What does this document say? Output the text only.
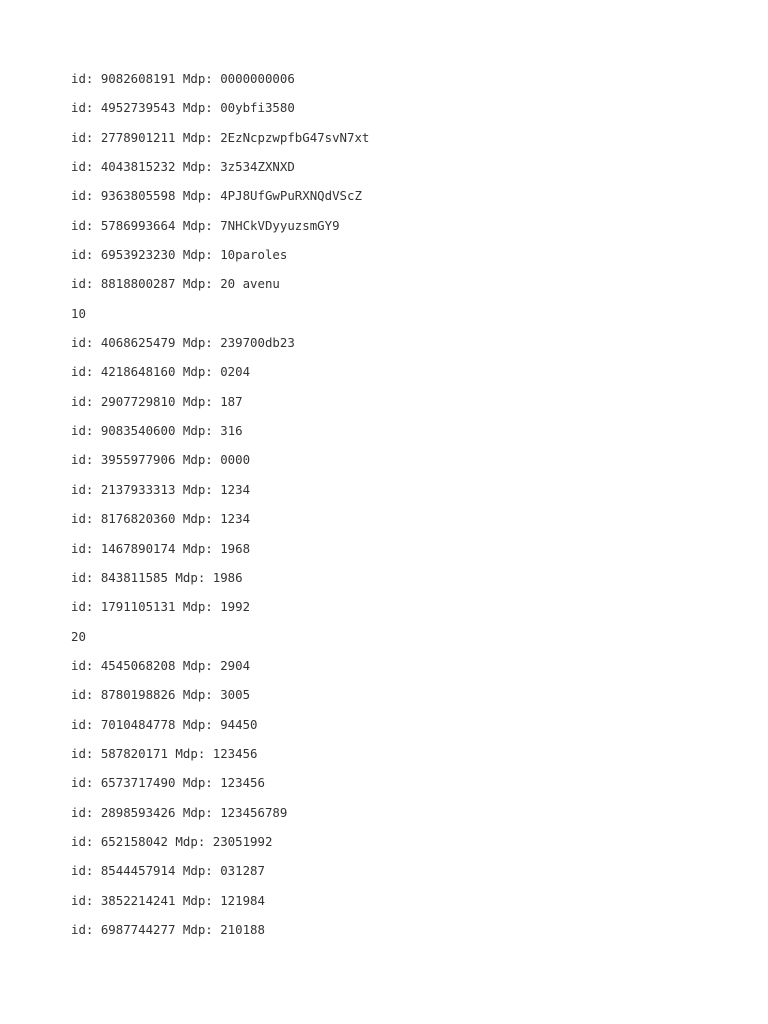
id: 9082608191 Mdp: 0000000006
id: 4952739543 Mdp: 00ybfi3580
id: 2778901211 Mdp: 2EzNcpzwpfbG47svN7xt
id: 4043815232 Mdp: 3z534ZXNXD
id: 9363805598 Mdp: 4PJ8UfGwPuRXNQdVScZ
id: 5786993664 Mdp: 7NHCkVDyyuzsmGY9
id: 6953923230 Mdp: 10paroles
id: 8818800287 Mdp: 20 avenu
10
id: 4068625479 Mdp: 239700db23
id: 4218648160 Mdp: 0204
id: 2907729810 Mdp: 187
id: 9083540600 Mdp: 316
id: 3955977906 Mdp: 0000
id: 2137933313 Mdp: 1234
id: 8176820360 Mdp: 1234
id: 1467890174 Mdp: 1968
id: 843811585 Mdp: 1986
id: 1791105131 Mdp: 1992
20
id: 4545068208 Mdp: 2904
id: 8780198826 Mdp: 3005
id: 7010484778 Mdp: 94450
id: 587820171 Mdp: 123456
id: 6573717490 Mdp: 123456
id: 2898593426 Mdp: 123456789
id: 652158042 Mdp: 23051992
id: 8544457914 Mdp: 031287
id: 3852214241 Mdp: 121984
id: 6987744277 Mdp: 210188
